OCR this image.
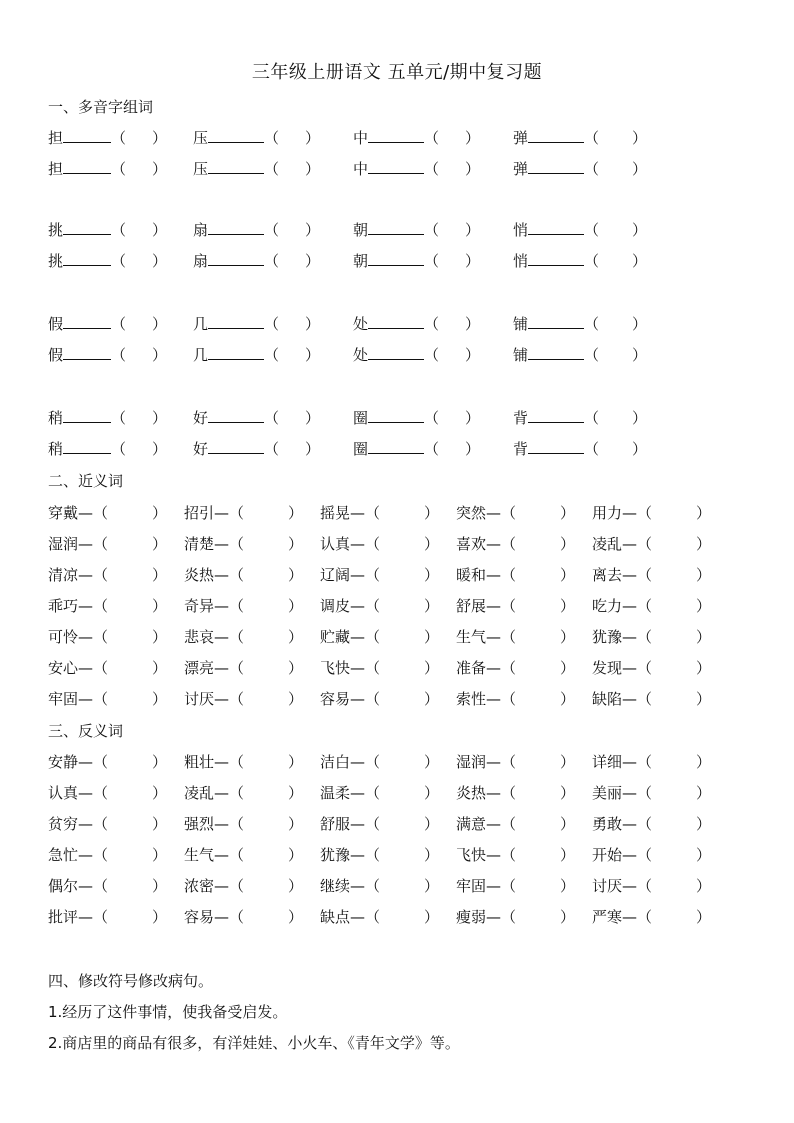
三年级上册语文 五单元/期中复习题
一、多音字组词
担	（ ） 压	（ ） 中	（ ） 弹	（ ）
担	（ ） 压	（ ） 中	（ ） 弹	（ ）
挑	（ ） 扇	（ ） 朝	（ ） 悄	（ ）
挑	（ ） 扇	（ ） 朝	（ ） 悄	（ ）
假	（ ） 几	（ ） 处	（ ） 铺	（ ）
假	（ ） 几	（ ） 处	（ ） 铺	（ ）
稍	（ ） 好	（ ） 圈	（ ） 背	（ ）
稍	（ ） 好	（ ） 圈	（ ） 背	（ ）
二、近义词
穿戴—（	） 招引—（	） 摇晃—（	） 突然—（	） 用力—（	）
湿润—（	） 清楚—（	） 认真—（	） 喜欢—（	） 凌乱—（	）
清凉—（	） 炎热—（	） 辽阔—（	） 暖和—（	） 离去—（	）
乖巧—（	） 奇异—（	） 调皮—（	） 舒展—（	） 吃力—（	）
可怜—（	） 悲哀—（	） 贮藏—（	） 生气—（	） 犹豫—（	）
安心—（	） 漂亮—（	） 飞快—（	） 准备—（	） 发现—（	）
牢固—（	） 讨厌—（	） 容易—（	） 索性—（	） 缺陷—（	）
三、反义词
安静—（	） 粗壮—（	） 洁白—（	） 湿润—（	） 详细—（	）
认真—（	） 凌乱—（	） 温柔—（	） 炎热—（	） 美丽—（	）
贫穷—（	） 强烈—（	） 舒服—（	） 满意—（	） 勇敢—（	）
急忙—（	） 生气—（	） 犹豫—（	） 飞快—（	） 开始—（	）
偶尔—（	） 浓密—（	） 继续—（	） 牢固—（	） 讨厌—（	）
批评—（	） 容易—（	） 缺点—（	） 瘦弱—（	） 严寒—（	）
四、修改符号修改病句。
1.经历了这件事情，使我备受启发。
2.商店里的商品有很多，有洋娃娃、小火车、《青年文学》等。
